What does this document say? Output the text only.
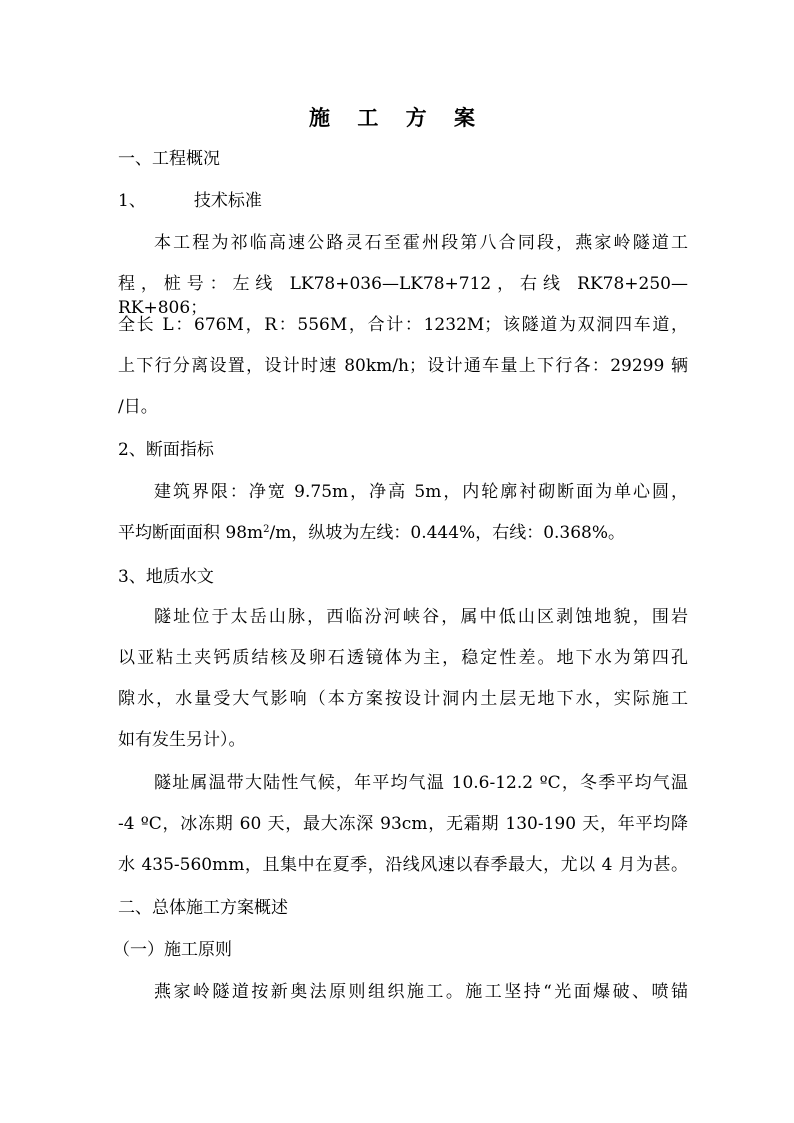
施 工 方 案
一、工程概况
1、	技术标准
本工程为祁临高速公路灵石至霍州段第八合同段，燕家岭隧道工
程，桩号：左线 LK78+036—LK78+712，右线 RK78+250—RK+806；
全长 L：676M，R：556M，合计：1232M；该隧道为双洞四车道，
上下行分离设置，设计时速 80km/h；设计通车量上下行各：29299 辆
/日。
2、断面指标
建筑界限：净宽 9.75m，净高 5m，内轮廓衬砌断面为单心圆，
平均断面面积 $98m^2/m$，纵坡为左线：0.444%，右线：0.368%。
3、地质水文
隧址位于太岳山脉，西临汾河峡谷，属中低山区剥蚀地貌，围岩
以亚粘土夹钙质结核及卵石透镜体为主，稳定性差。地下水为第四孔
隙水，水量受大气影响（本方案按设计洞内土层无地下水，实际施工
如有发生另计）。
隧址属温带大陆性气候，年平均气温 10.6-12.2 ºC，冬季平均气温
-4 ºC，冰冻期 60 天，最大冻深 93cm，无霜期 130-190 天，年平均降
水 435-560mm，且集中在夏季，沿线风速以春季最大，尤以 4 月为甚。
二、总体施工方案概述
（一）施工原则
燕家岭隧道按新奥法原则组织施工。施工坚持“光面爆破、喷锚
